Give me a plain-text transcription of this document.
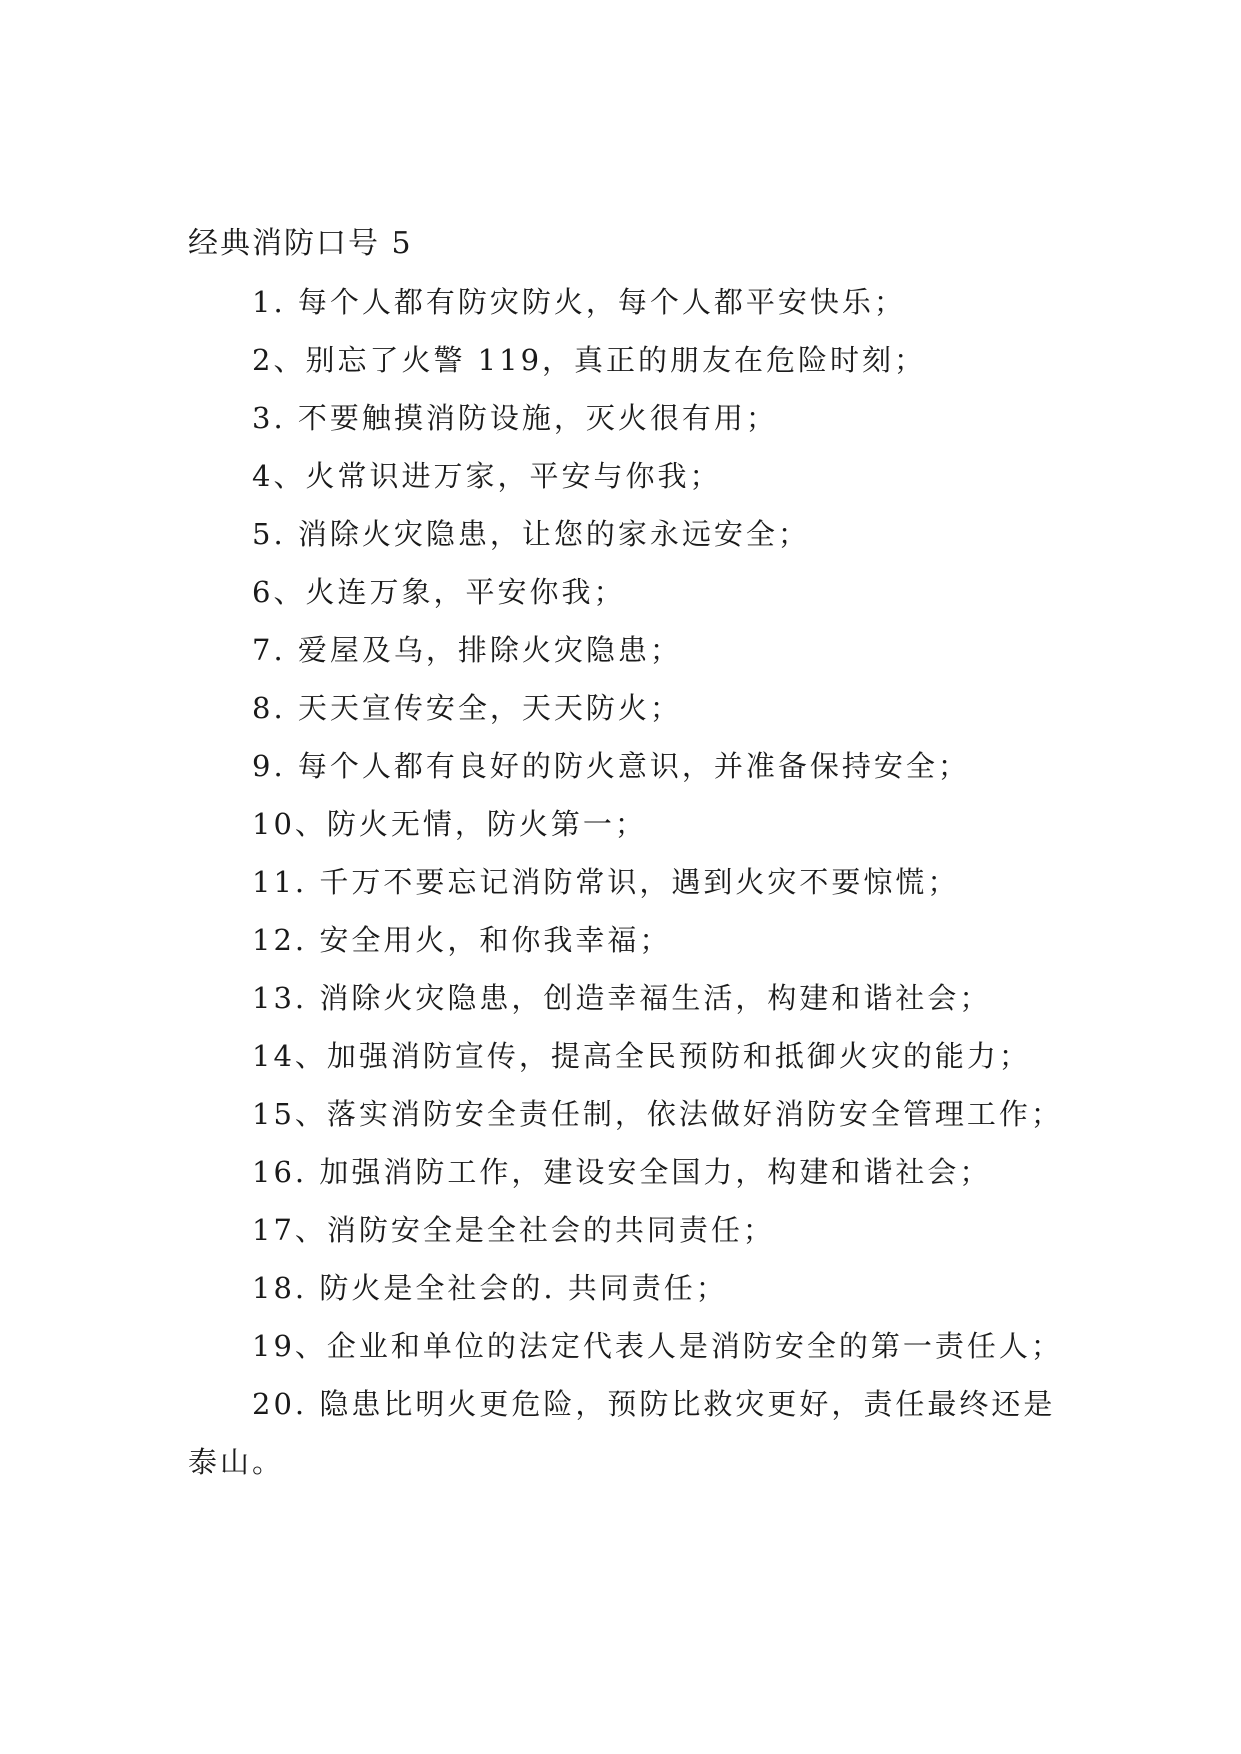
经典消防口号 5
1. 每个人都有防灾防火，每个人都平安快乐；
2、别忘了火警 119，真正的朋友在危险时刻；
3. 不要触摸消防设施，灭火很有用；
4、火常识进万家，平安与你我；
5. 消除火灾隐患，让您的家永远安全；
6、火连万象，平安你我；
7. 爱屋及乌，排除火灾隐患；
8. 天天宣传安全，天天防火；
9. 每个人都有良好的防火意识，并准备保持安全；
10、防火无情，防火第一；
11. 千万不要忘记消防常识，遇到火灾不要惊慌；
12. 安全用火，和你我幸福；
13. 消除火灾隐患，创造幸福生活，构建和谐社会；
14、加强消防宣传，提高全民预防和抵御火灾的能力；
15、落实消防安全责任制，依法做好消防安全管理工作；
16. 加强消防工作，建设安全国力，构建和谐社会；
17、消防安全是全社会的共同责任；
18. 防火是全社会的. 共同责任；
19、企业和单位的法定代表人是消防安全的第一责任人；
20. 隐患比明火更危险，预防比救灾更好，责任最终还是泰山。
